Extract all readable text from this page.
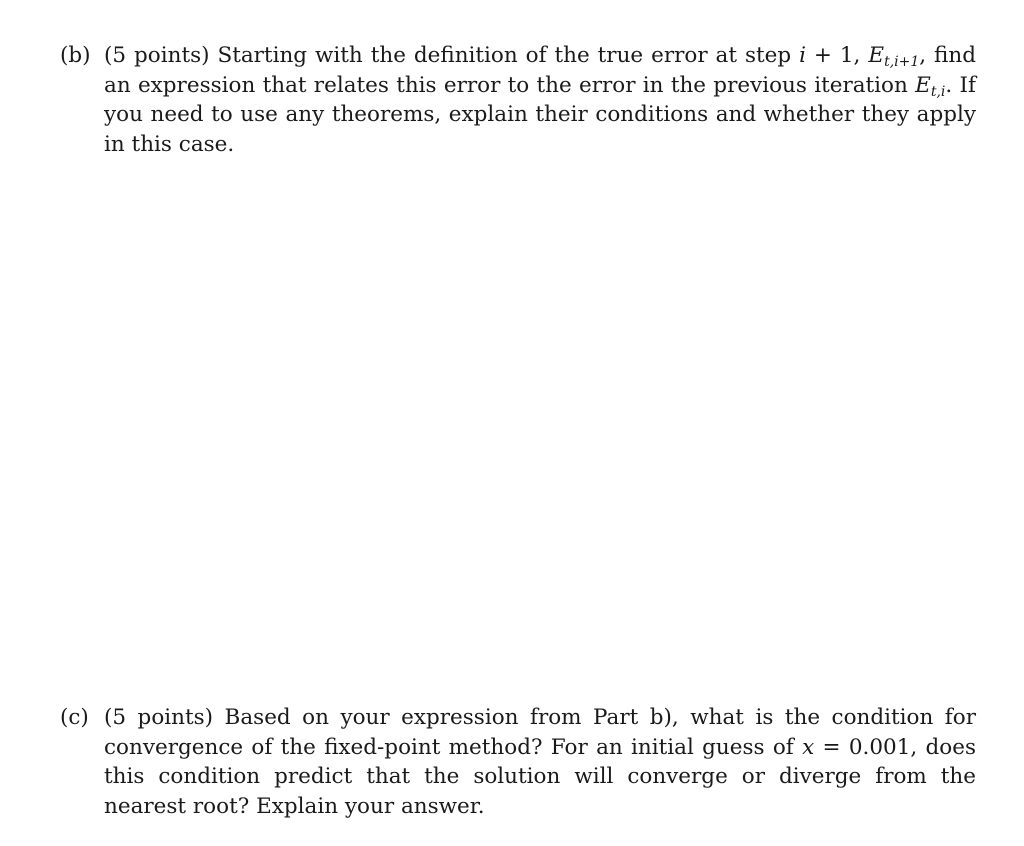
(b) (5 points) Starting with the definition of the true error at step i + 1, $E_{t,i+1}$, find an expression that relates this error to the error in the previous iteration $E_{t,i}$. If you need to use any theorems, explain their conditions and whether they apply in this case.
(c) (5 points) Based on your expression from Part b), what is the condition for convergence of the fixed-point method? For an initial guess of x = 0.001, does this condition predict that the solution will converge or diverge from the nearest root? Explain your answer.
